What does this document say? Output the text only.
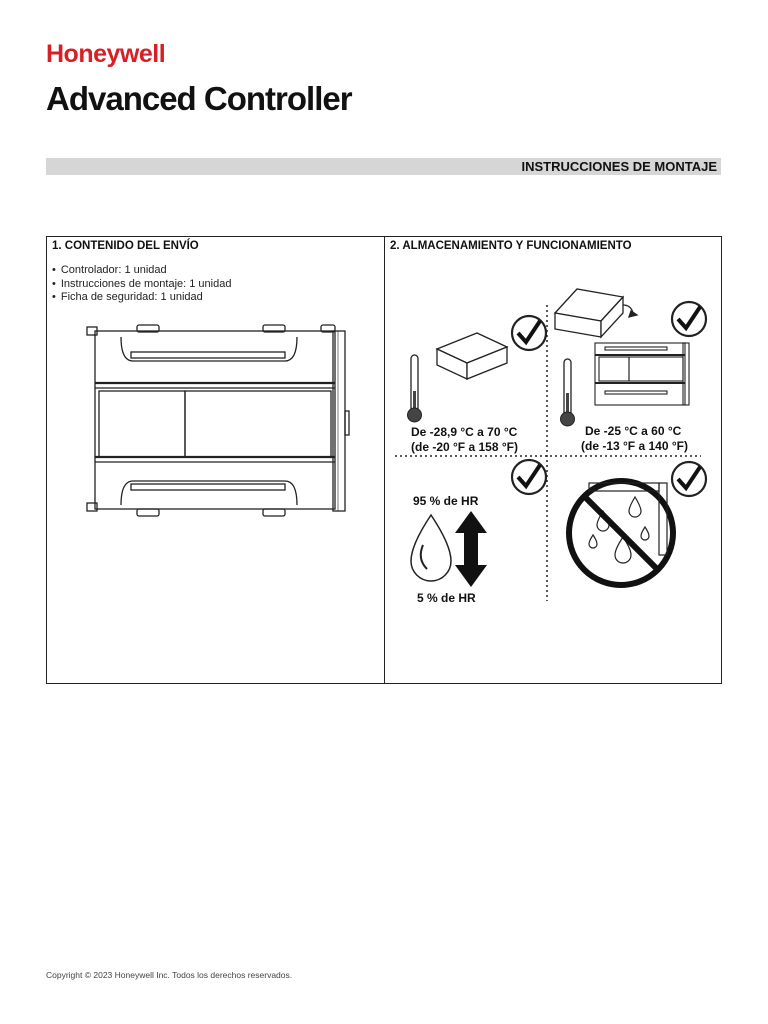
Honeywell
Advanced Controller
INSTRUCCIONES DE MONTAJE
1. CONTENIDO DEL ENVÍO
• Controlador: 1 unidad
• Instrucciones de montaje: 1 unidad
• Ficha de seguridad: 1 unidad
2. ALMACENAMIENTO Y FUNCIONAMIENTO
De -28,9 °C a 70 °C
(de -20 °F a 158 °F)
De -25 °C a 60 °C
(de -13 °F a 140 °F)
95 % de HR
5 % de HR
Copyright © 2023 Honeywell Inc. Todos los derechos reservados.
